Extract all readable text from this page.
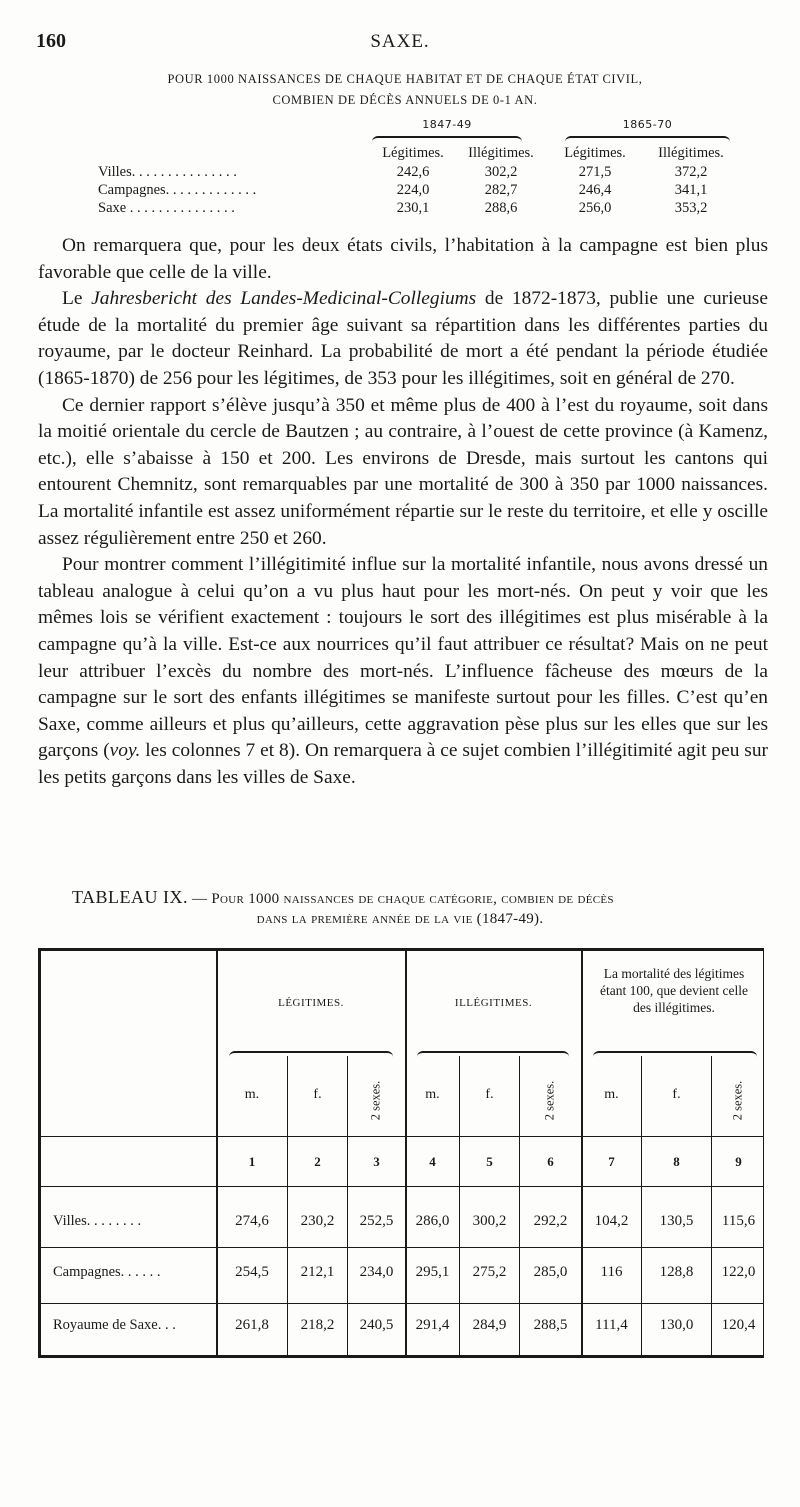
160	SAXE.
POUR 1000 NAISSANCES DE CHAQUE HABITAT ET DE CHAQUE ÉTAT CIVIL,
COMBIEN DE DÉCÈS ANNUELS DE 0-1 AN.
1847-49	1865-70
	Légitimes.	Illégitimes.	Légitimes.	Illégitimes.
Villes. . . . . . . . . . . . . . .	242,6	302,2	271,5	372,2
Campagnes. . . . . . . . . . . . .	224,0	282,7	246,4	341,1
Saxe . . . . . . . . . . . . . . .	230,1	288,6	256,0	353,2

On remarquera que, pour les deux états civils, l’habitation à la campagne est bien plus favorable que celle de la ville.

Le Jahresbericht des Landes-Medicinal-Collegiums de 1872-1873, publie une curieuse étude de la mortalité du premier âge suivant sa répartition dans les différentes parties du royaume, par le docteur Reinhard. La probabilité de mort a été pendant la période étudiée (1865-1870) de 256 pour les légitimes, de 353 pour les illégitimes, soit en général de 270.

Ce dernier rapport s’élève jusqu’à 350 et même plus de 400 à l’est du royaume, soit dans la moitié orientale du cercle de Bautzen ; au contraire, à l’ouest de cette province (à Kamenz, etc.), elle s’abaisse à 150 et 200. Les environs de Dresde, mais surtout les cantons qui entourent Chemnitz, sont remarquables par une mortalité de 300 à 350 par 1000 naissances. La mortalité infantile est assez uniformément répartie sur le reste du territoire, et elle y oscille assez régulièrement entre 250 et 260.

Pour montrer comment l’illégitimité influe sur la mortalité infantile, nous avons dressé un tableau analogue à celui qu’on a vu plus haut pour les mort-nés. On peut y voir que les mêmes lois se vérifient exactement : toujours le sort des illégitimes est plus misérable à la campagne qu’à la ville. Est-ce aux nourrices qu’il faut attribuer ce résultat? Mais on ne peut leur attribuer l’excès du nombre des mort-nés. L’influence fâcheuse des mœurs de la campagne sur le sort des enfants illégitimes se manifeste surtout pour les filles. C’est qu’en Saxe, comme ailleurs et plus qu’ailleurs, cette aggravation pèse plus sur les elles que sur les garçons (voy. les colonnes 7 et 8). On remarquera à ce sujet combien l’illégitimité agit peu sur les petits garçons dans les villes de Saxe.

TABLEAU IX. — Pour 1000 naissances de chaque catégorie, combien de décès
dans la première année de la vie (1847-49).
LÉGITIMES.	ILLÉGITIMES.
La mortalité des légitimes étant 100, que devient celle des illégitimes.
m.	f.	2 sexes.	m.	f.	2 sexes.	m.	f.	2 sexes.
1	2	3	4	5	6	7	8	9
Villes. . . . . . . .	274,6	230,2	252,5	286,0	300,2	292,2	104,2	130,5	115,6
Campagnes. . . . . .	254,5	212,1	234,0	295,1	275,2	285,0	116	128,8	122,0
Royaume de Saxe. . .	261,8	218,2	240,5	291,4	284,9	288,5	111,4	130,0	120,4
